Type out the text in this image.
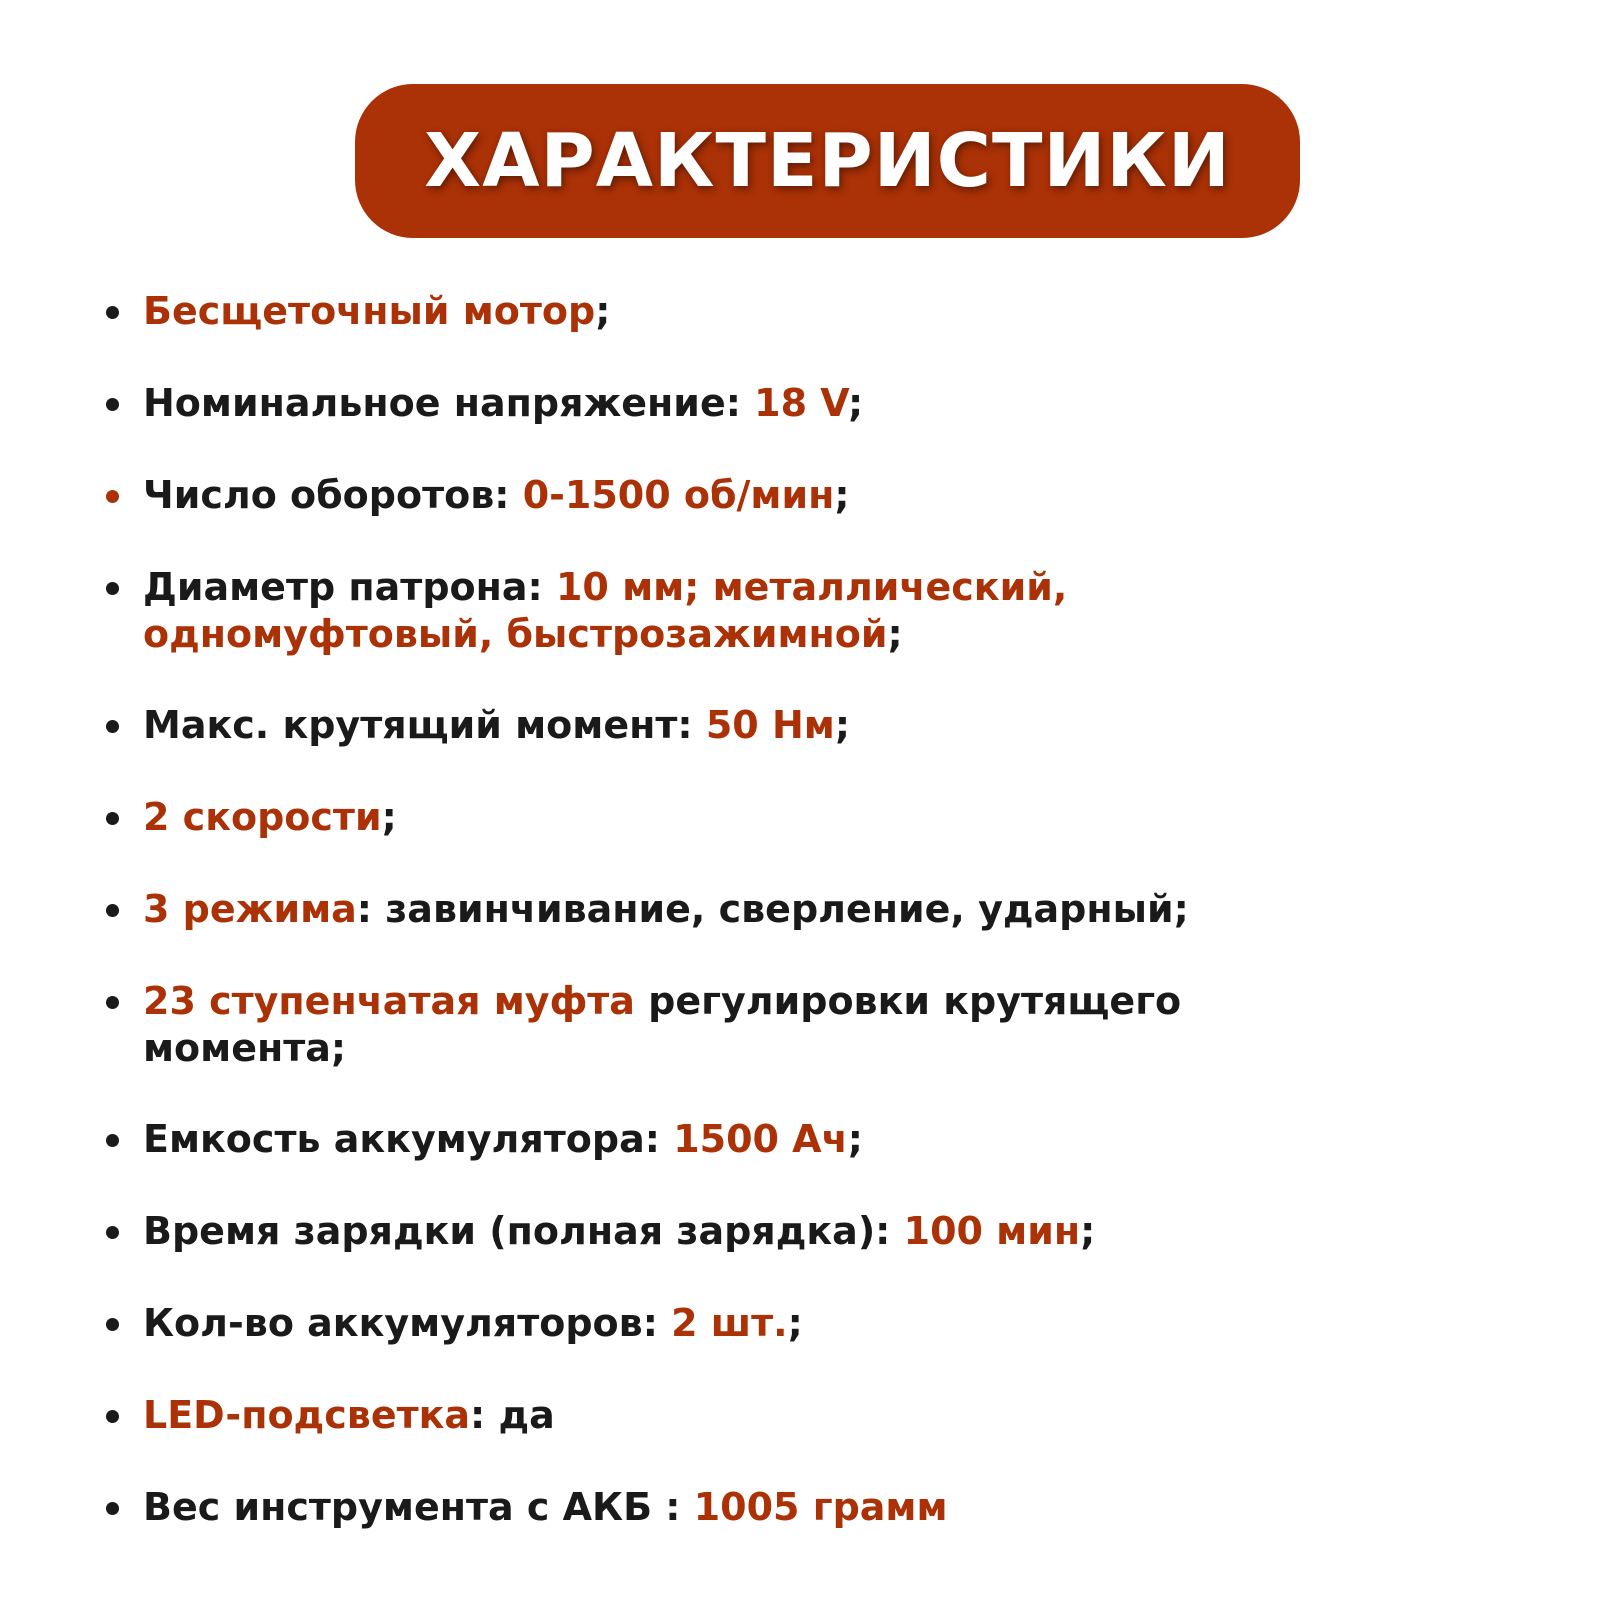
ХАРАКТЕРИСТИКИ
Бесщеточный мотор;
Номинальное напряжение: 18 V;
Число оборотов: 0-1500 об/мин;
Диаметр патрона: 10 мм; металлический, одномуфтовый, быстрозажимной;
Макс. крутящий момент: 50 Нм;
2 скорости;
3 режима: завинчивание, сверление, ударный;
23 ступенчатая муфта регулировки крутящего момента;
Емкость аккумулятора: 1500 Ач;
Время зарядки (полная зарядка): 100 мин;
Кол-во аккумуляторов: 2 шт.;
LED-подсветка: да
Вес инструмента с АКБ : 1005 грамм
